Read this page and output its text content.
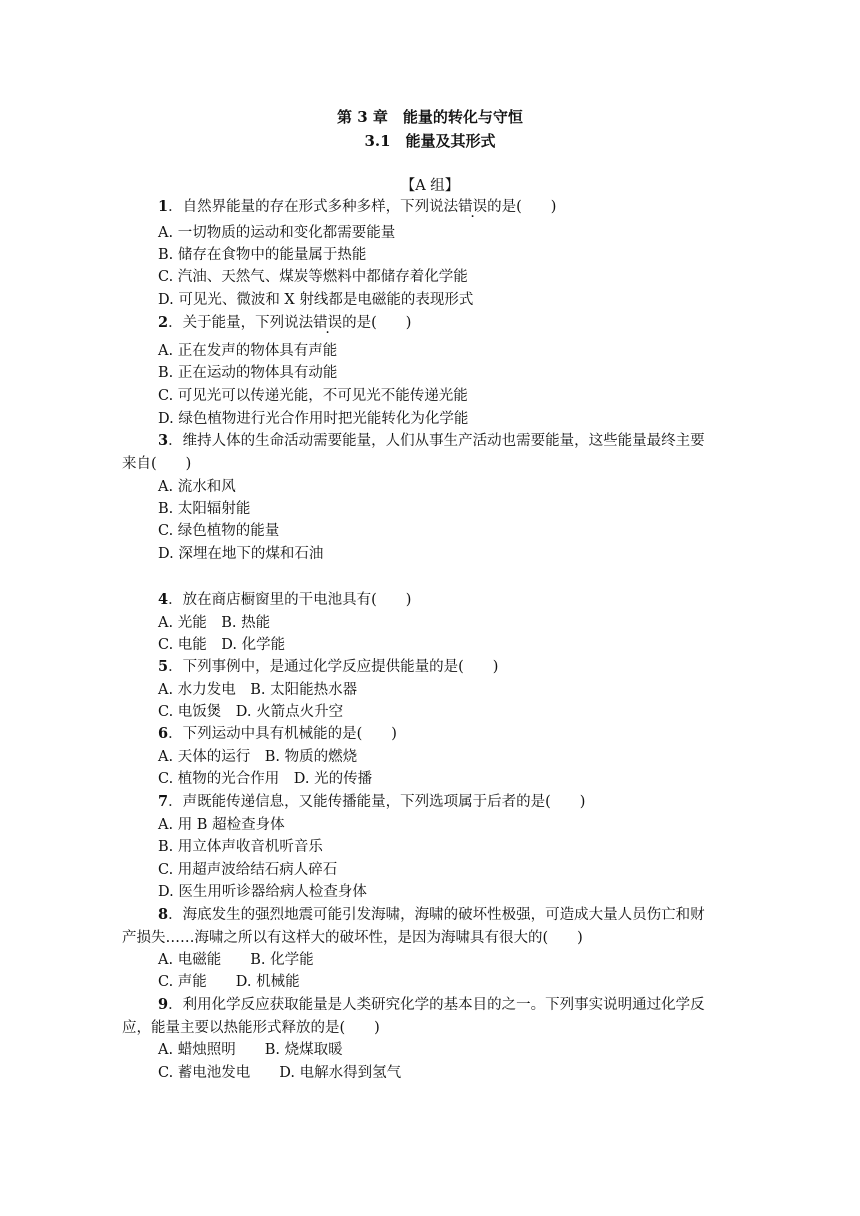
第 3 章　能量的转化与守恒
3.1　能量及其形式
【A 组】
1．自然界能量的存在形式多种多样，下列说法错误的是(　　)
A. 一切物质的运动和变化都需要能量
B. 储存在食物中的能量属于热能
C. 汽油、天然气、煤炭等燃料中都储存着化学能
D. 可见光、微波和 X 射线都是电磁能的表现形式
2．关于能量，下列说法错误的是(　　)
A. 正在发声的物体具有声能
B. 正在运动的物体具有动能
C. 可见光可以传递光能，不可见光不能传递光能
D. 绿色植物进行光合作用时把光能转化为化学能
3．维持人体的生命活动需要能量，人们从事生产活动也需要能量，这些能量最终主要
来自(　　)
A. 流水和风
B. 太阳辐射能
C. 绿色植物的能量
D. 深埋在地下的煤和石油
4．放在商店橱窗里的干电池具有(　　)
A. 光能　B. 热能
C. 电能　D. 化学能
5．下列事例中，是通过化学反应提供能量的是(　　)
A. 水力发电　B. 太阳能热水器
C. 电饭煲　D. 火箭点火升空
6．下列运动中具有机械能的是(　　)
A. 天体的运行　B. 物质的燃烧
C. 植物的光合作用　D. 光的传播
7．声既能传递信息，又能传播能量，下列选项属于后者的是(　　)
A. 用 B 超检查身体
B. 用立体声收音机听音乐
C. 用超声波给结石病人碎石
D. 医生用听诊器给病人检查身体
8．海底发生的强烈地震可能引发海啸，海啸的破坏性极强，可造成大量人员伤亡和财
产损失……海啸之所以有这样大的破坏性，是因为海啸具有很大的(　　)
A. 电磁能　　B. 化学能
C. 声能　　D. 机械能
9．利用化学反应获取能量是人类研究化学的基本目的之一。下列事实说明通过化学反
应，能量主要以热能形式释放的是(　　)
A. 蜡烛照明　　B. 烧煤取暖
C. 蓄电池发电　　D. 电解水得到氢气
